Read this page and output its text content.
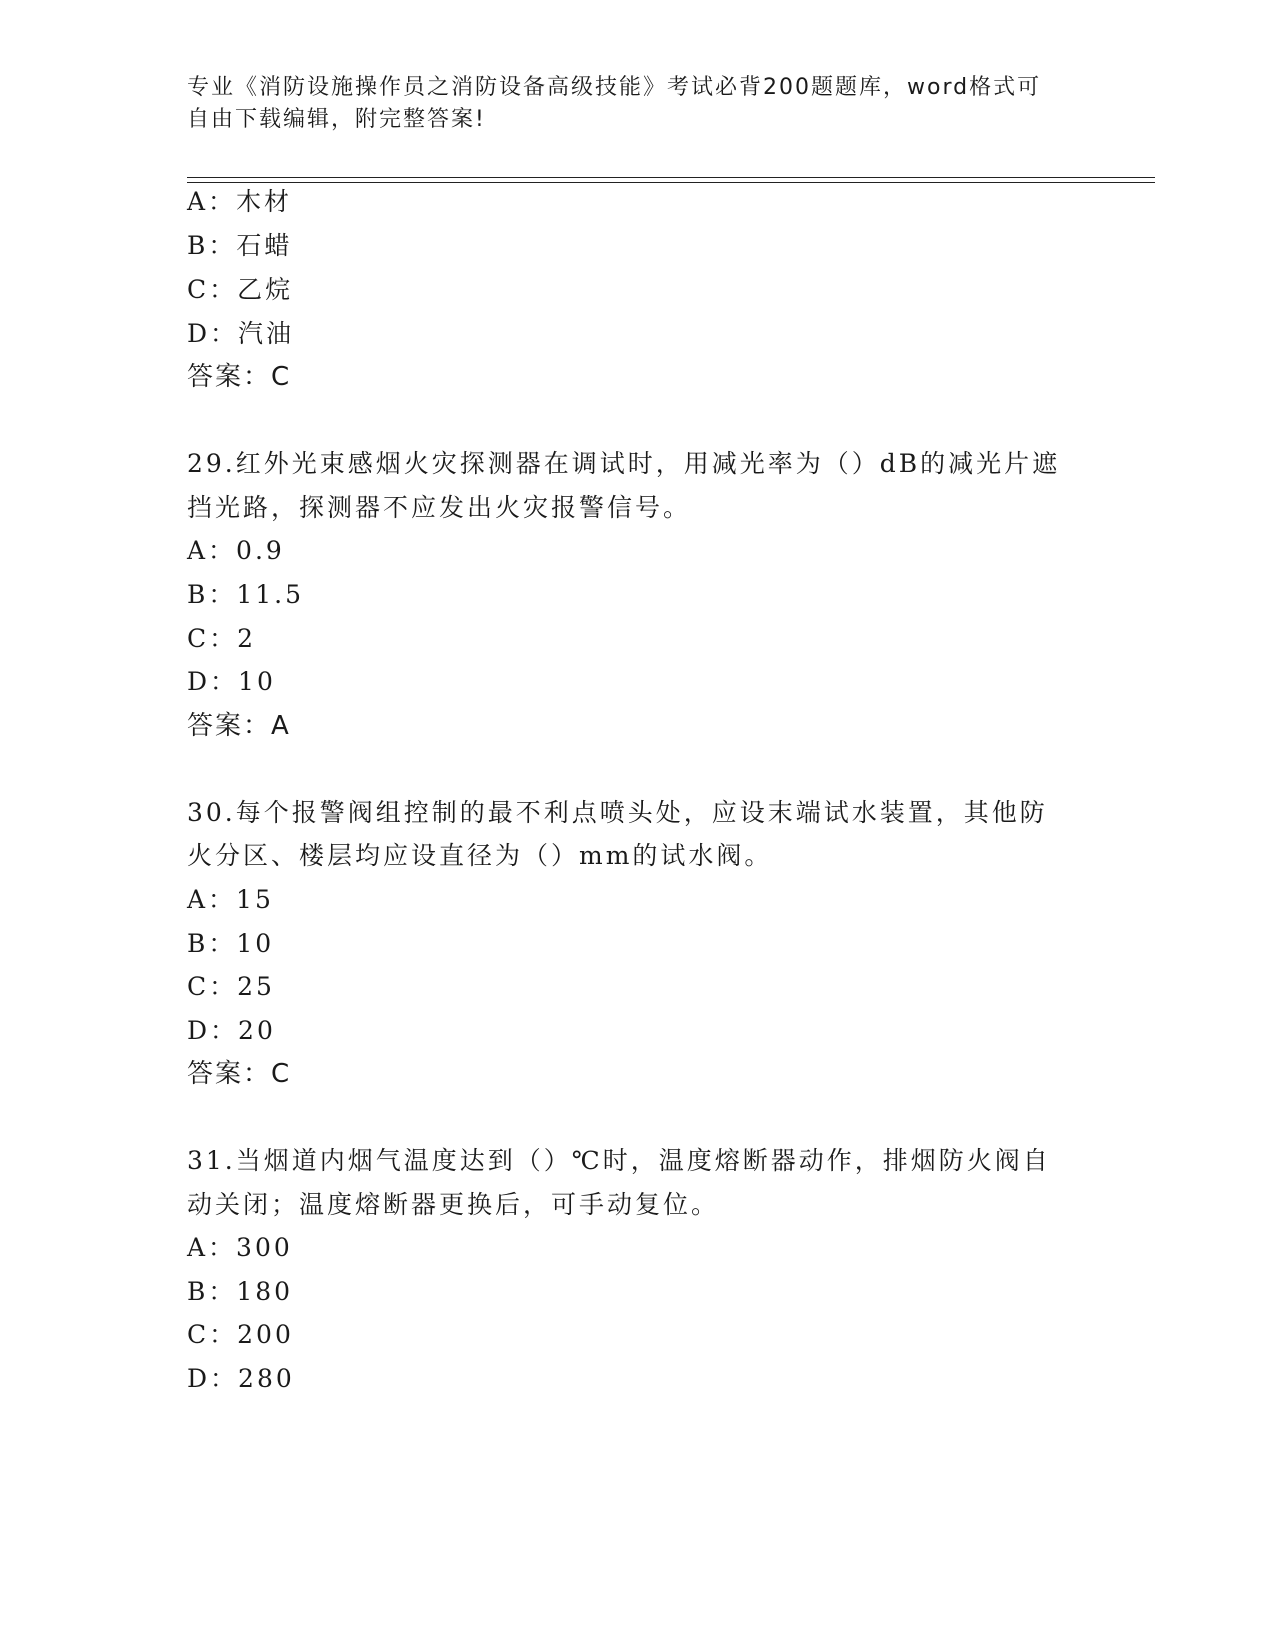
专业《消防设施操作员之消防设备高级技能》考试必背200题题库，word格式可
自由下载编辑，附完整答案!
A：木材
B：石蜡
C：乙烷
D：汽油
答案：C
29.红外光束感烟火灾探测器在调试时，用减光率为（）dB的减光片遮
挡光路，探测器不应发出火灾报警信号。
A：0.9
B：11.5
C：2
D：10
答案：A
30.每个报警阀组控制的最不利点喷头处，应设末端试水装置，其他防
火分区、楼层均应设直径为（）mm的试水阀。
A：15
B：10
C：25
D：20
答案：C
31.当烟道内烟气温度达到（）℃时，温度熔断器动作，排烟防火阀自
动关闭；温度熔断器更换后，可手动复位。
A：300
B：180
C：200
D：280
